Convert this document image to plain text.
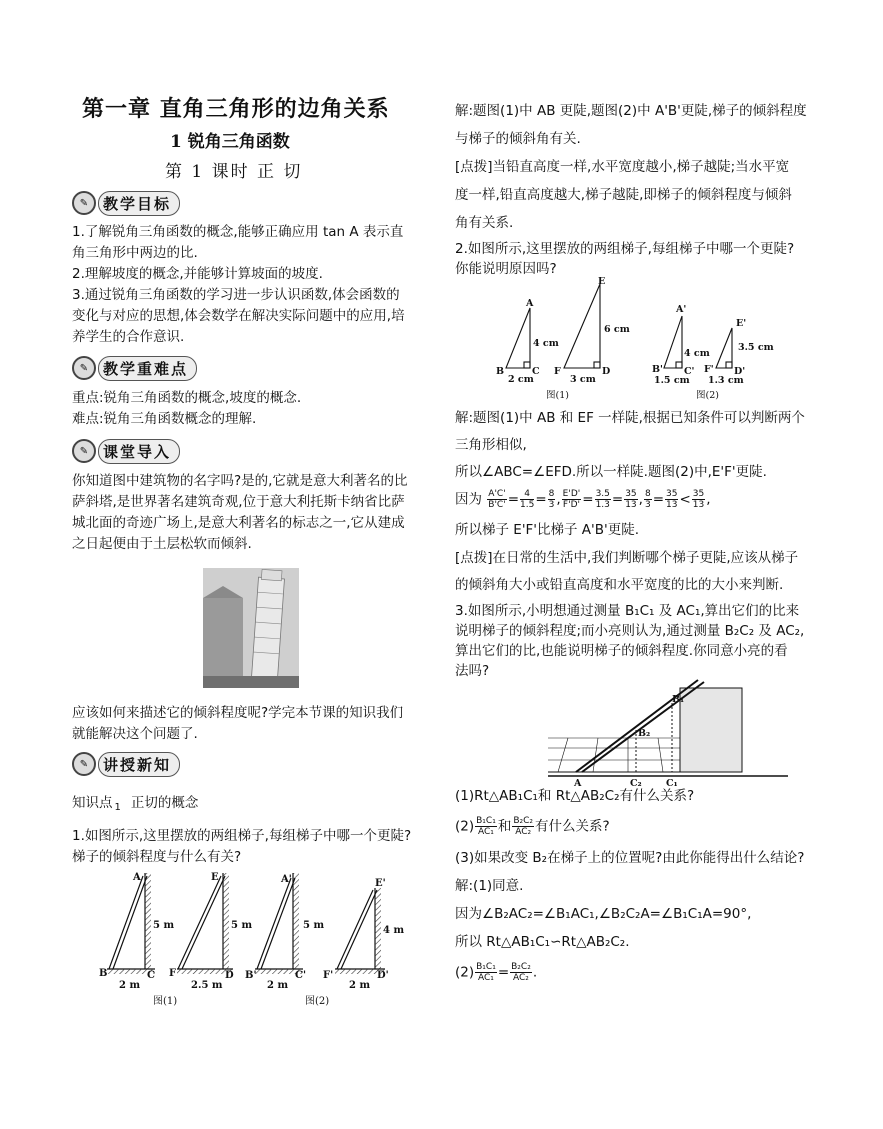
第一章 直角三角形的边角关系
1 锐角三角函数
第 1 课时 正 切
✎ 教学目标
1.了解锐角三角函数的概念,能够正确应用 tan A 表示直
角三角形中两边的比.
2.理解坡度的概念,并能够计算坡面的坡度.
3.通过锐角三角函数的学习进一步认识函数,体会函数的
变化与对应的思想,体会数学在解决实际问题中的应用,培
养学生的合作意识.
✎ 教学重难点
重点:锐角三角函数的概念,坡度的概念.
难点:锐角三角函数概念的理解.
✎ 课堂导入
你知道图中建筑物的名字吗?是的,它就是意大利著名的比
萨斜塔,是世界著名建筑奇观,位于意大利托斯卡纳省比萨
城北面的奇迹广场上,是意大利著名的标志之一,它从建成
之日起便由于土层松软而倾斜.
应该如何来描述它的倾斜程度呢?学完本节课的知识我们
就能解决这个问题了.
✎ 讲授新知
知识点 $_1$ 正切的概念
1.如图所示,这里摆放的两组梯子,每组梯子中哪一个更陡?
梯子的倾斜程度与什么有关?
A
B	C
5 m
2 m
E
F	D
5 m
2.5 m
A'
B'	C'
5 m
2 m
E'
F'	D'
4 m
2 m
图(1)	图(2)
解:题图(1)中 AB 更陡,题图(2)中 A'B'更陡,梯子的倾斜程度
与梯子的倾斜角有关.
[点拨]当铅直高度一样,水平宽度越小,梯子越陡;当水平宽
度一样,铅直高度越大,梯子越陡,即梯子的倾斜程度与倾斜
角有关系.
2.如图所示,这里摆放的两组梯子,每组梯子中哪一个更陡?
你能说明原因吗?
A
B	C
4 cm
2 cm
E
F	D
6 cm
3 cm
A'
B' C'
4 cm
1.5 cm
E'
F' D'
3.5 cm
1.3 cm
图(1)	图(2)
解:题图(1)中 AB 和 EF 一样陡,根据已知条件可以判断两个
三角形相似,
所以∠ABC=∠EFD.所以一样陡.题图(2)中,E'F'更陡.
因为 $\frac{A'C'}{B'C'} = \frac{4}{1.5} = \frac{8}{3}$ , $\frac{E'D'}{F'D'} = \frac{3.5}{1.3} = \frac{35}{13}$ , $\frac{8}{3} = \frac{35}{13} < \frac{35}{13}$ ,
所以梯子 E'F'比梯子 A'B'更陡.
[点拨]在日常的生活中,我们判断哪个梯子更陡,应该从梯子
的倾斜角大小或铅直高度和水平宽度的比的大小来判断.
3.如图所示,小明想通过测量 B₁C₁ 及 AC₁,算出它们的比来
说明梯子的倾斜程度;而小亮则认为,通过测量 B₂C₂ 及 AC₂,
算出它们的比,也能说明梯子的倾斜程度.你同意小亮的看
法吗?
B₁
B₂
A	C₂	C₁
(1)Rt△AB₁C₁和 Rt△AB₂C₂有什么关系?
$(2) \frac{\text{B₁C₁}}{\text{AC₁}}$ 和 $\frac{\text{B₂C₂}}{\text{AC₂}}$ 有什么关系?
(3)如果改变 B₂在梯子上的位置呢?由此你能得出什么结论?
解:(1)同意.
因为∠B₂AC₂=∠B₁AC₁,∠B₂C₂A=∠B₁C₁A=90°,
所以 Rt△AB₁C₁∽Rt△AB₂C₂.
$(2) \frac{\text{B₁C₁}}{\text{AC₁}} = \frac{\text{B₂C₂}}{\text{AC₂}}$ .
